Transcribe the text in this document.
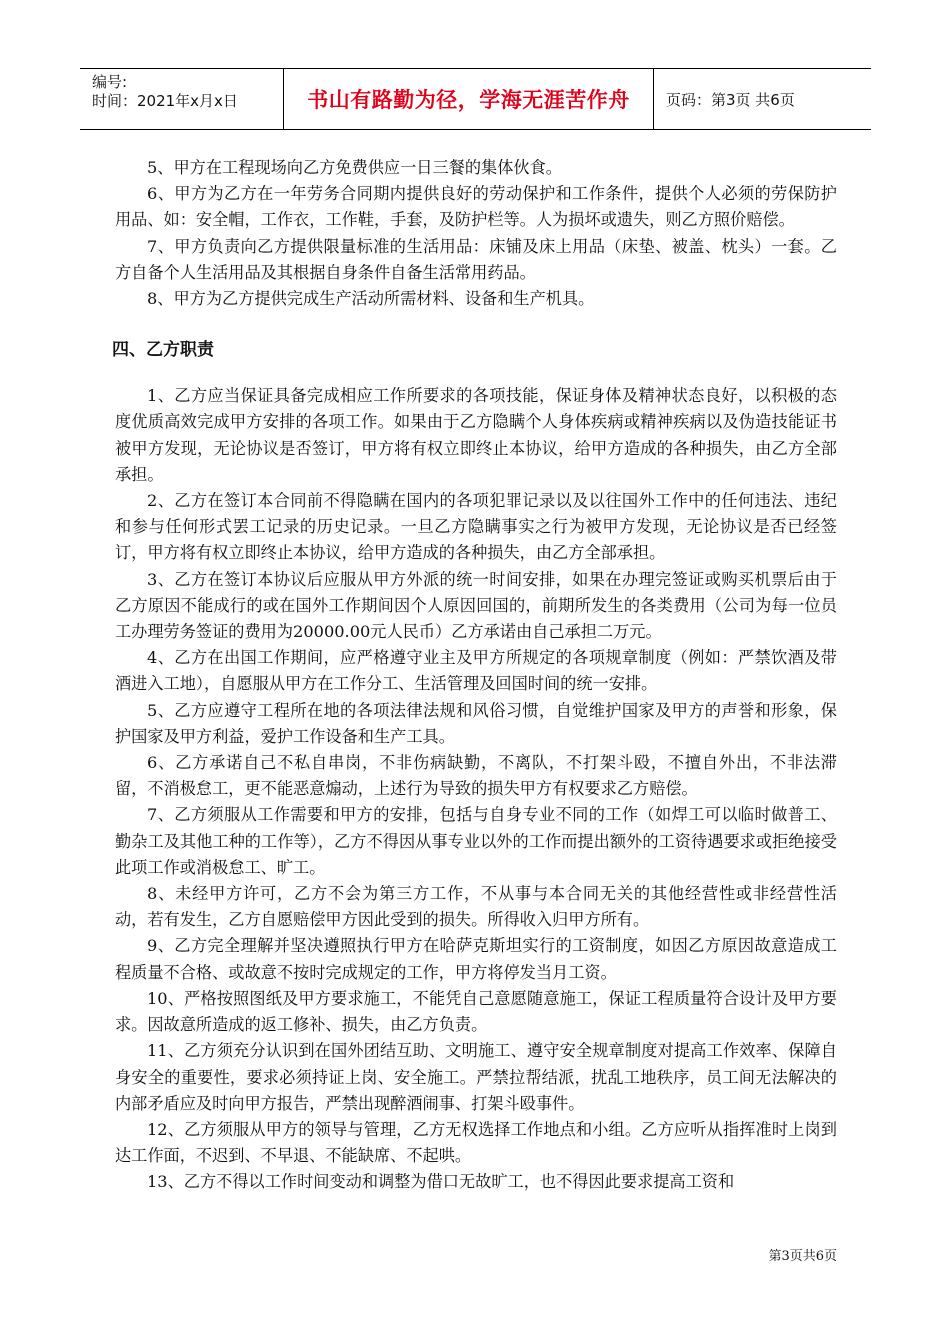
编号:
时间：2021年x月x日	书山有路勤为径，学海无涯苦作舟	页码：第3页 共6页

5、甲方在工程现场向乙方免费供应一日三餐的集体伙食。

6、甲方为乙方在一年劳务合同期内提供良好的劳动保护和工作条件，提供个人必须的劳保防护用品、如：安全帽，工作衣，工作鞋，手套，及防护栏等。人为损坏或遗失，则乙方照价赔偿。

7、甲方负责向乙方提供限量标准的生活用品：床铺及床上用品（床垫、被盖、枕头）一套。乙方自备个人生活用品及其根据自身条件自备生活常用药品。

8、甲方为乙方提供完成生产活动所需材料、设备和生产机具。

四、乙方职责

1、乙方应当保证具备完成相应工作所要求的各项技能，保证身体及精神状态良好，以积极的态度优质高效完成甲方安排的各项工作。如果由于乙方隐瞒个人身体疾病或精神疾病以及伪造技能证书被甲方发现，无论协议是否签订，甲方将有权立即终止本协议，给甲方造成的各种损失，由乙方全部承担。

2、乙方在签订本合同前不得隐瞒在国内的各项犯罪记录以及以往国外工作中的任何违法、违纪和参与任何形式罢工记录的历史记录。一旦乙方隐瞒事实之行为被甲方发现，无论协议是否已经签订，甲方将有权立即终止本协议，给甲方造成的各种损失，由乙方全部承担。

3、乙方在签订本协议后应服从甲方外派的统一时间安排，如果在办理完签证或购买机票后由于乙方原因不能成行的或在国外工作期间因个人原因回国的，前期所发生的各类费用（公司为每一位员工办理劳务签证的费用为20000.00元人民币）乙方承诺由自己承担二万元。

4、乙方在出国工作期间，应严格遵守业主及甲方所规定的各项规章制度（例如：严禁饮酒及带酒进入工地），自愿服从甲方在工作分工、生活管理及回国时间的统一安排。

5、乙方应遵守工程所在地的各项法律法规和风俗习惯，自觉维护国家及甲方的声誉和形象，保护国家及甲方利益，爱护工作设备和生产工具。

6、乙方承诺自己不私自串岗，不非伤病缺勤，不离队，不打架斗殴，不擅自外出，不非法滞留，不消极怠工，更不能恶意煽动，上述行为导致的损失甲方有权要求乙方赔偿。

7、乙方须服从工作需要和甲方的安排，包括与自身专业不同的工作（如焊工可以临时做普工、勤杂工及其他工种的工作等），乙方不得因从事专业以外的工作而提出额外的工资待遇要求或拒绝接受此项工作或消极怠工、旷工。

8、未经甲方许可，乙方不会为第三方工作，不从事与本合同无关的其他经营性或非经营性活动，若有发生，乙方自愿赔偿甲方因此受到的损失。所得收入归甲方所有。

9、乙方完全理解并坚决遵照执行甲方在哈萨克斯坦实行的工资制度，如因乙方原因故意造成工程质量不合格、或故意不按时完成规定的工作，甲方将停发当月工资。

10、严格按照图纸及甲方要求施工，不能凭自己意愿随意施工，保证工程质量符合设计及甲方要求。因故意所造成的返工修补、损失，由乙方负责。

11、乙方须充分认识到在国外团结互助、文明施工、遵守安全规章制度对提高工作效率、保障自身安全的重要性，要求必须持证上岗、安全施工。严禁拉帮结派，扰乱工地秩序，员工间无法解决的内部矛盾应及时向甲方报告，严禁出现醉酒闹事、打架斗殴事件。

12、乙方须服从甲方的领导与管理，乙方无权选择工作地点和小组。乙方应听从指挥准时上岗到达工作面，不迟到、不早退、不能缺席、不起哄。

13、乙方不得以工作时间变动和调整为借口无故旷工，也不得因此要求提高工资和

第3页共6页
